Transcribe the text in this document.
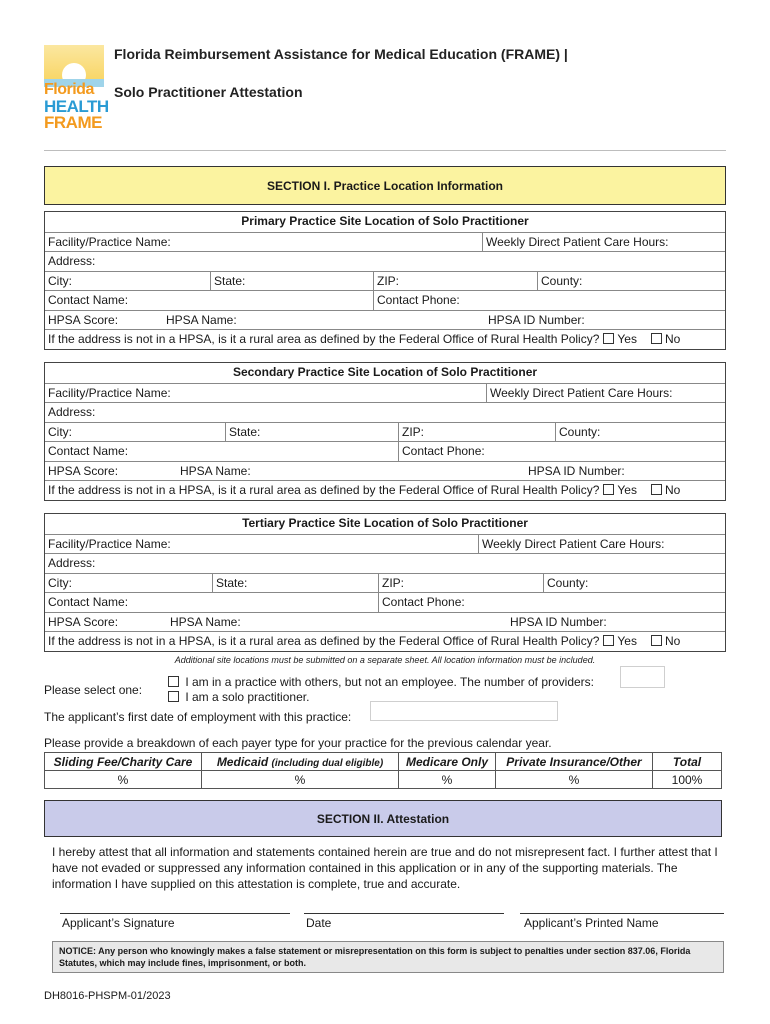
Florida
HEALTH
FRAME
Florida Reimbursement Assistance for Medical Education (FRAME) |
Solo Practitioner Attestation
SECTION I. Practice Location Information
Primary Practice Site Location of Solo Practitioner
Facility/Practice Name:	Weekly Direct Patient Care Hours:
Address:
City:	State:	ZIP:	County:
Contact Name:	Contact Phone:
HPSA Score:	HPSA Name:	HPSA ID Number:
If the address is not in a HPSA, is it a rural area as defined by the Federal Office of Rural Health Policy? Yes No
Secondary Practice Site Location of Solo Practitioner
Facility/Practice Name:	Weekly Direct Patient Care Hours:
Address:
City:	State:	ZIP:	County:
Contact Name:	Contact Phone:
HPSA Score:	HPSA Name:	HPSA ID Number:
If the address is not in a HPSA, is it a rural area as defined by the Federal Office of Rural Health Policy? Yes No
Tertiary Practice Site Location of Solo Practitioner
Facility/Practice Name:	Weekly Direct Patient Care Hours:
Address:
City:	State:	ZIP:	County:
Contact Name:	Contact Phone:
HPSA Score:	HPSA Name:	HPSA ID Number:
If the address is not in a HPSA, is it a rural area as defined by the Federal Office of Rural Health Policy? Yes No
Additional site locations must be submitted on a separate sheet. All location information must be included.
Please select one:
I am in a practice with others, but not an employee. The number of providers:
I am a solo practitioner.
The applicant’s first date of employment with this practice:
Please provide a breakdown of each payer type for your practice for the previous calendar year.
Sliding Fee/Charity Care	Medicaid (including dual eligible)	Medicare Only	Private Insurance/Other	Total
%	%	%	%	100%
SECTION II. Attestation
I hereby attest that all information and statements contained herein are true and do not misrepresent fact. I further attest that I have not evaded or suppressed any information contained in this application or in any of the supporting materials. The information I have supplied on this attestation is complete, true and accurate.
Applicant’s Signature	Date	Applicant’s Printed Name
NOTICE: Any person who knowingly makes a false statement or misrepresentation on this form is subject to penalties under section 837.06, Florida Statutes, which may include fines, imprisonment, or both.
DH8016-PHSPM-01/2023
